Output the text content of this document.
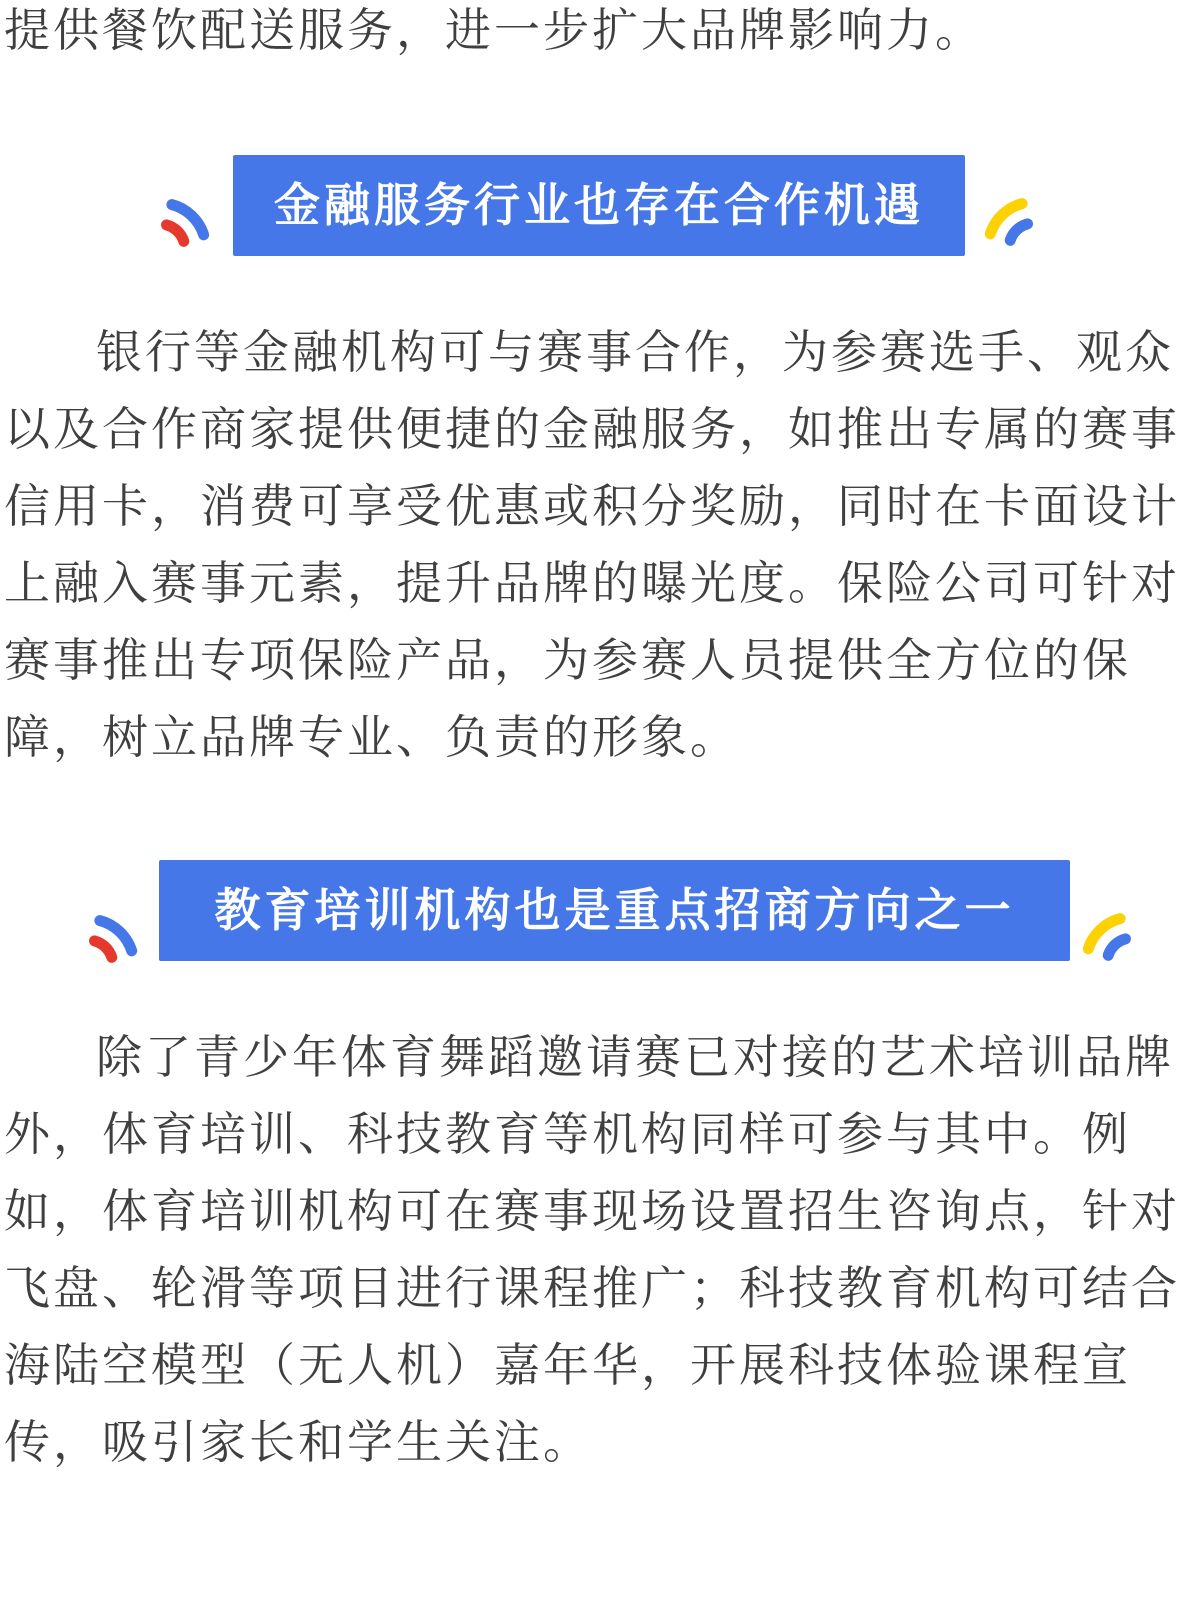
提供餐饮配送服务，进一步扩大品牌影响力。
金融服务行业也存在合作机遇
银行等金融机构可与赛事合作，为参赛选手、观众以及合作商家提供便捷的金融服务，如推出专属的赛事信用卡，消费可享受优惠或积分奖励，同时在卡面设计上融入赛事元素，提升品牌的曝光度。保险公司可针对赛事推出专项保险产品，为参赛人员提供全方位的保障，树立品牌专业、负责的形象。
教育培训机构也是重点招商方向之一
除了青少年体育舞蹈邀请赛已对接的艺术培训品牌外，体育培训、科技教育等机构同样可参与其中。例如，体育培训机构可在赛事现场设置招生咨询点，针对飞盘、轮滑等项目进行课程推广；科技教育机构可结合海陆空模型（无人机）嘉年华，开展科技体验课程宣传，吸引家长和学生关注。
